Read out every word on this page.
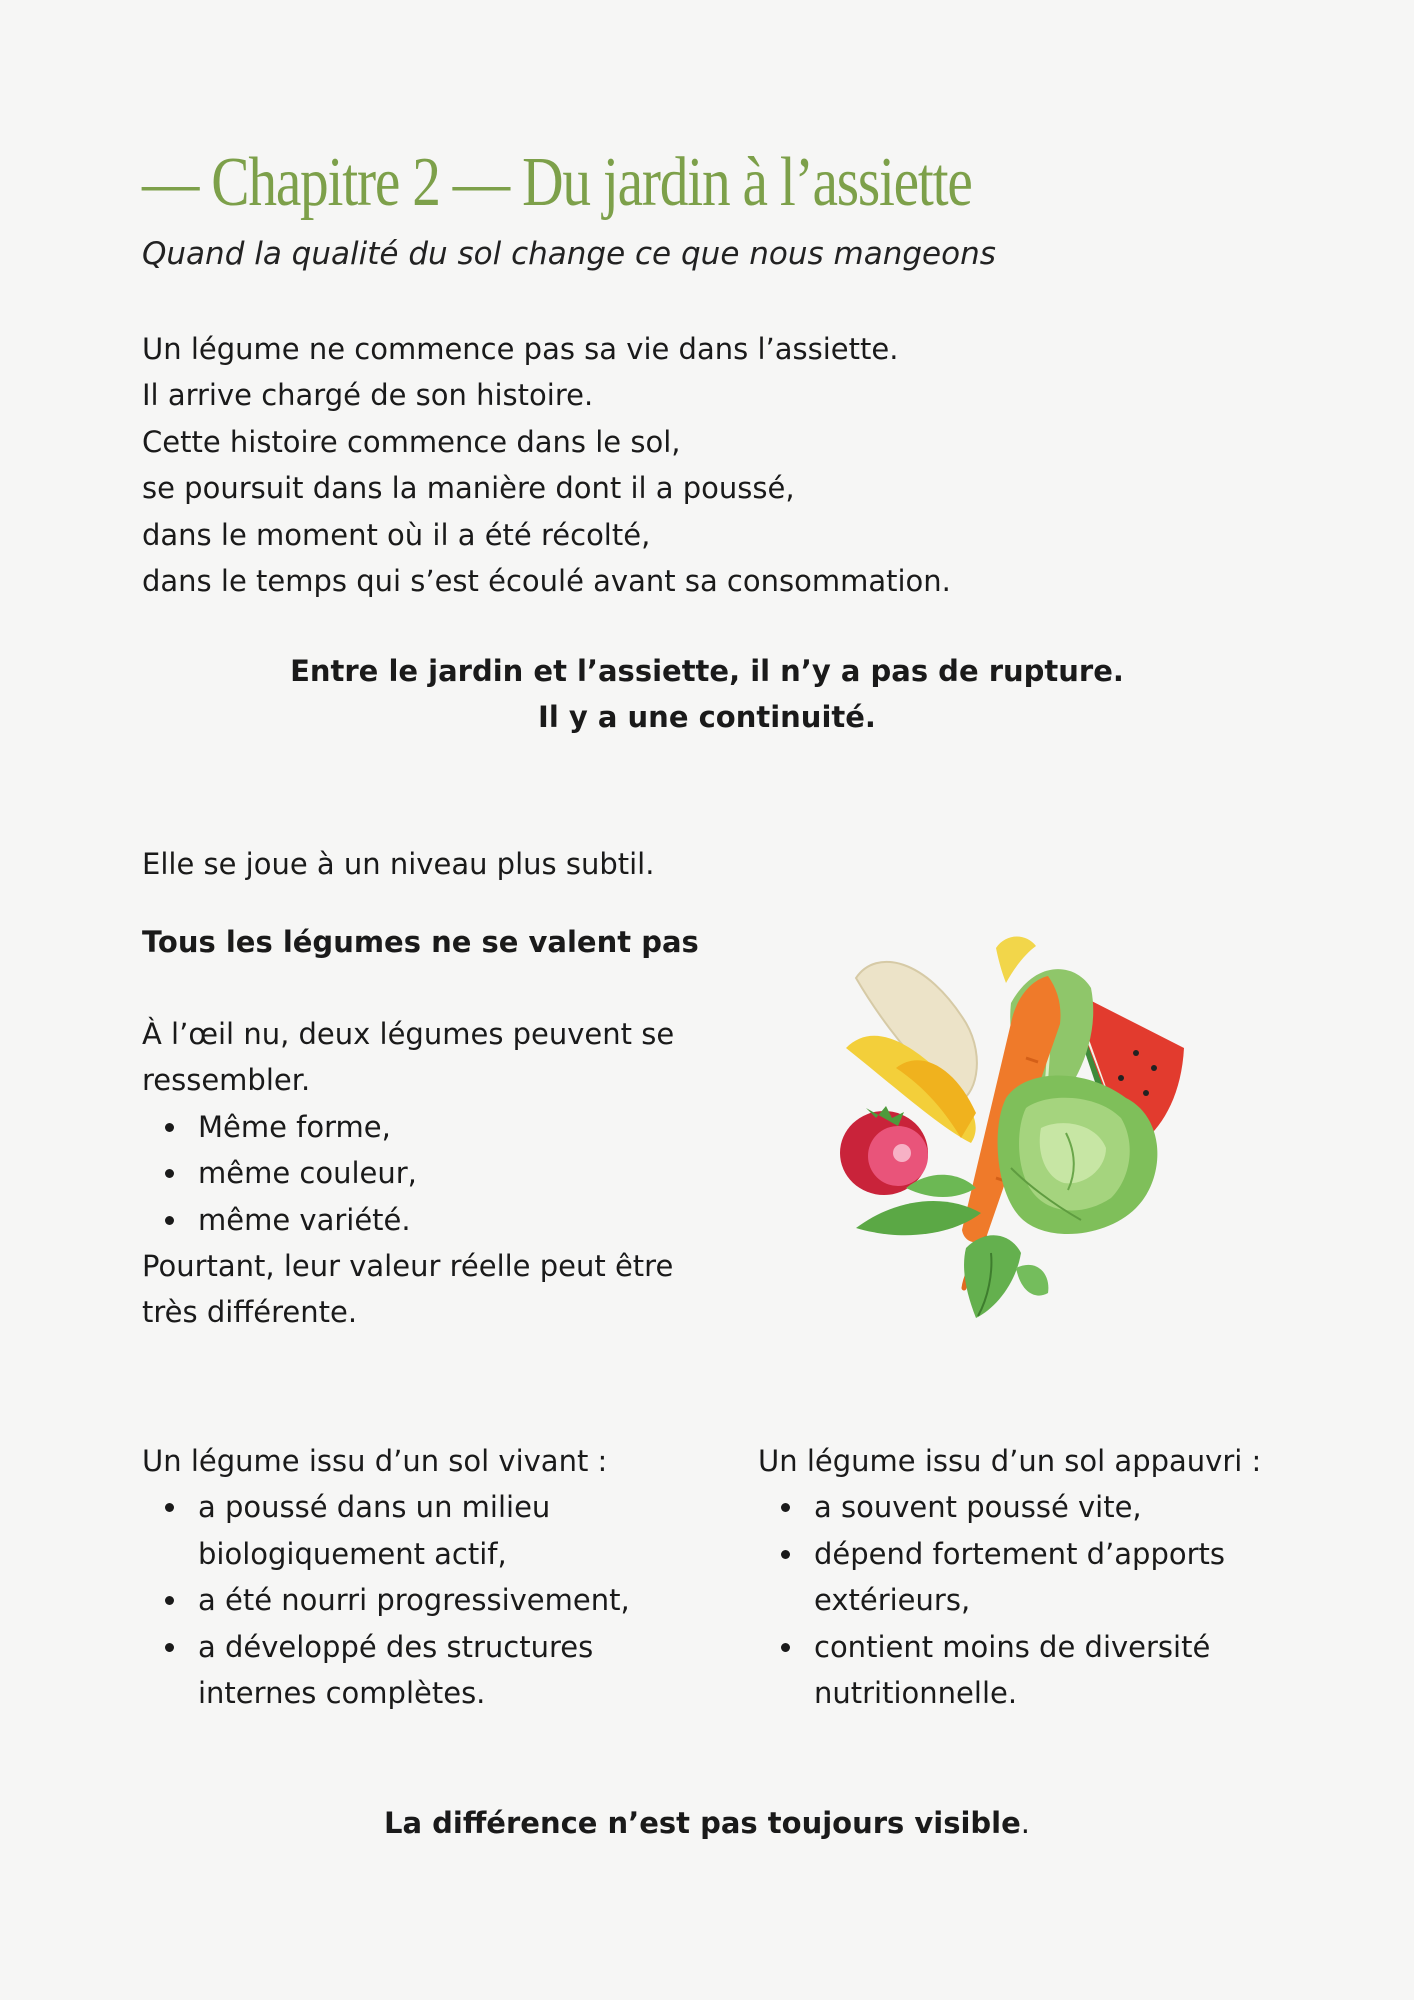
— Chapitre 2 — Du jardin à l’assiette

Quand la qualité du sol change ce que nous mangeons

Un légume ne commence pas sa vie dans l’assiette.
Il arrive chargé de son histoire.
Cette histoire commence dans le sol,
se poursuit dans la manière dont il a poussé,
dans le moment où il a été récolté,
dans le temps qui s’est écoulé avant sa consommation.
Entre le jardin et l’assiette, il n’y a pas de rupture.
Il y a une continuité.

Elle se joue à un niveau plus subtil.

Tous les légumes ne se valent pas

À l’œil nu, deux légumes peuvent se ressembler.

Même forme,
même couleur,
même variété.

Pourtant, leur valeur réelle peut être très différente.

Un légume issu d’un sol vivant :

a poussé dans un milieu biologiquement actif,
a été nourri progressivement,
a développé des structures internes complètes.

Un légume issu d’un sol appauvri :

a souvent poussé vite,
dépend fortement d’apports extérieurs,
contient moins de diversité nutritionnelle.

La différence n’est pas toujours visible.
